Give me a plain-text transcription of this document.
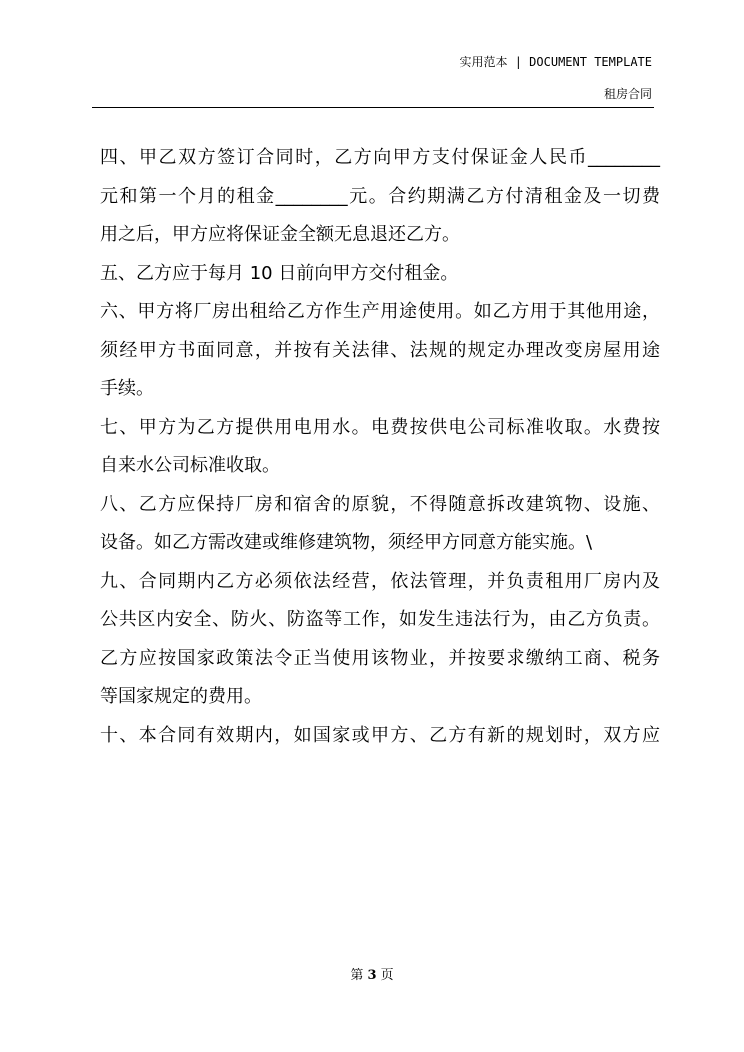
实用范本 | DOCUMENT TEMPLATE
租房合同
四、甲乙双方签订合同时，乙方向甲方支付保证金人民币________
元和第一个月的租金________元。合约期满乙方付清租金及一切费
用之后，甲方应将保证金全额无息退还乙方。
五、乙方应于每月 10 日前向甲方交付租金。
六、甲方将厂房出租给乙方作生产用途使用。如乙方用于其他用途，
须经甲方书面同意，并按有关法律、法规的规定办理改变房屋用途
手续。
七、甲方为乙方提供用电用水。电费按供电公司标准收取。水费按
自来水公司标准收取。
八、乙方应保持厂房和宿舍的原貌，不得随意拆改建筑物、设施、
设备。如乙方需改建或维修建筑物，须经甲方同意方能实施。\
九、合同期内乙方必须依法经营，依法管理，并负责租用厂房内及
公共区内安全、防火、防盗等工作，如发生违法行为，由乙方负责。
乙方应按国家政策法令正当使用该物业，并按要求缴纳工商、税务
等国家规定的费用。
十、本合同有效期内，如国家或甲方、乙方有新的规划时，双方应
第 3 页
